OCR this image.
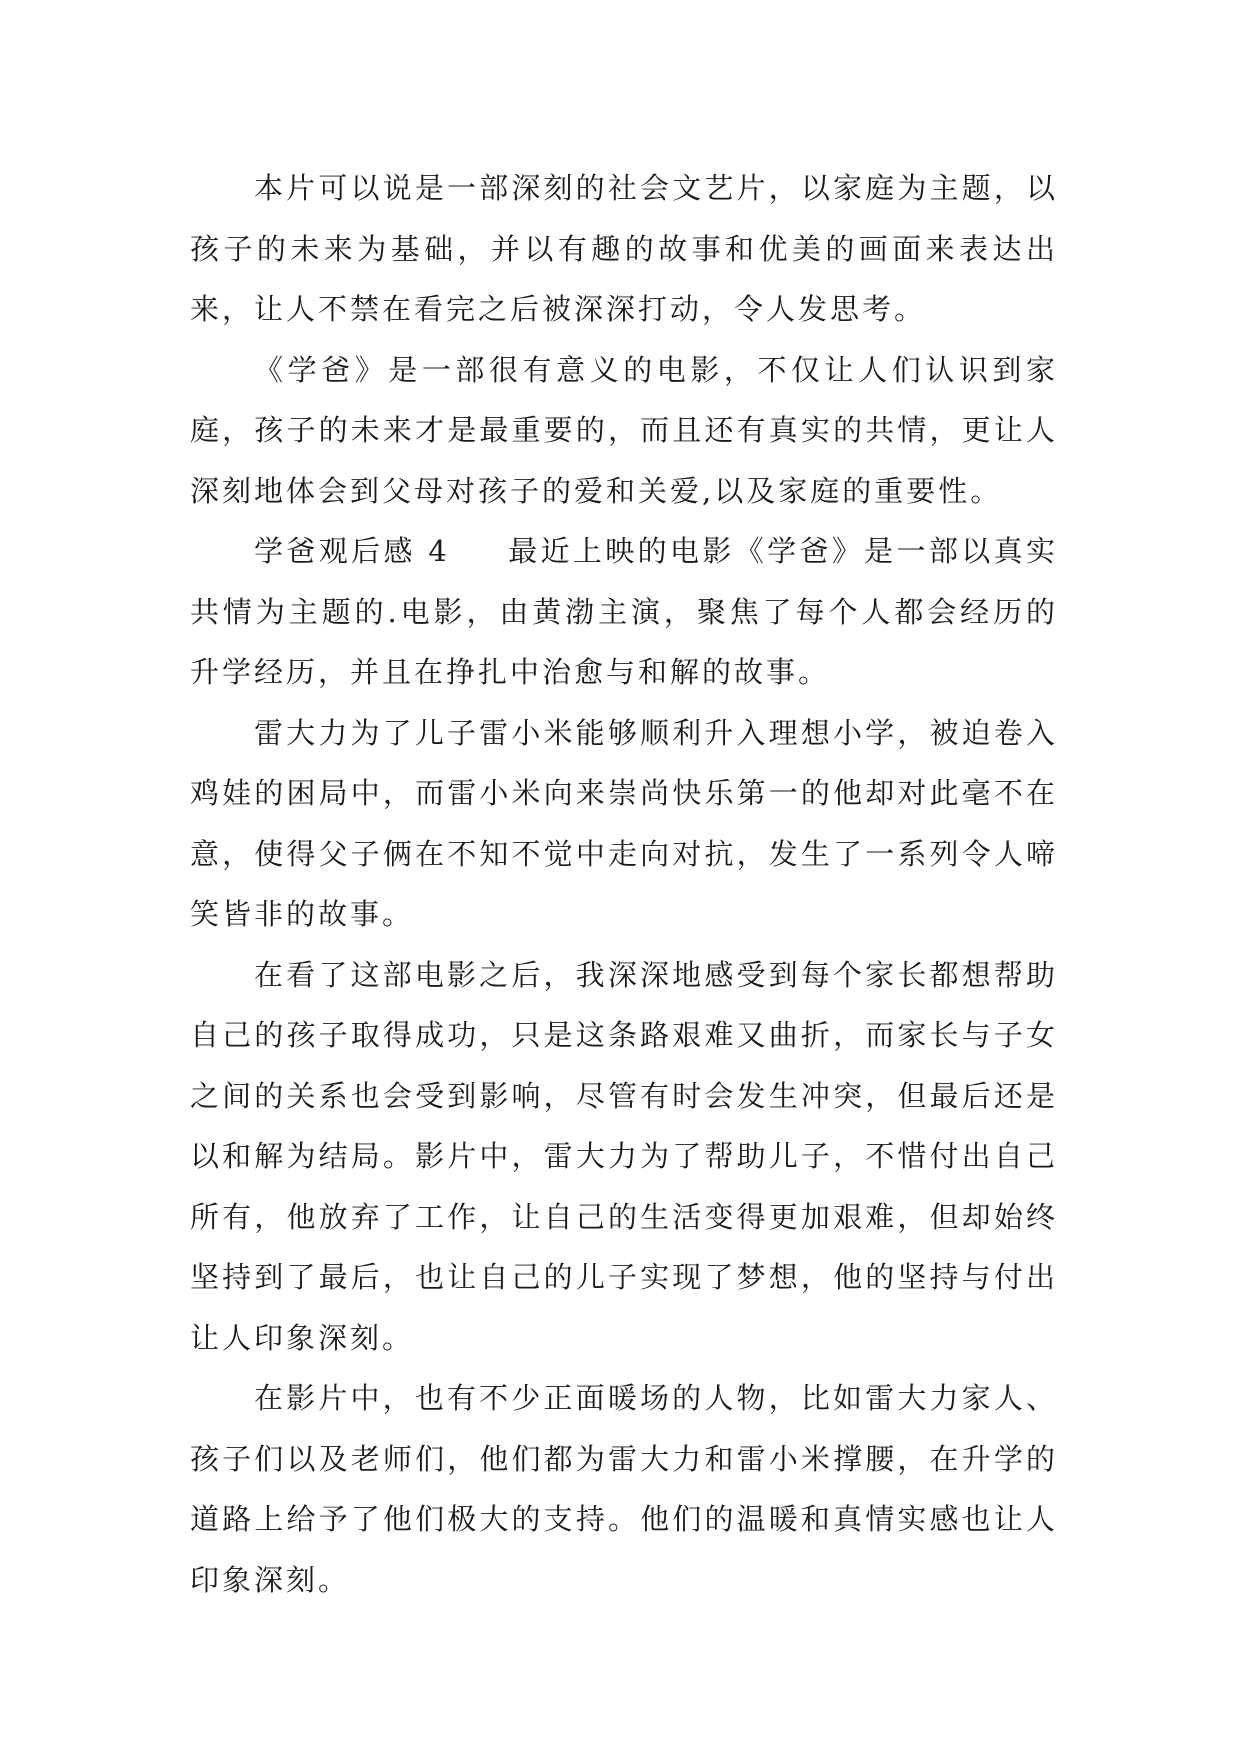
本片可以说是一部深刻的社会文艺片，以家庭为主题，以孩子的未来为基础，并以有趣的故事和优美的画面来表达出来，让人不禁在看完之后被深深打动，令人发思考。

《学爸》是一部很有意义的电影，不仅让人们认识到家庭，孩子的未来才是最重要的，而且还有真实的共情，更让人深刻地体会到父母对孩子的爱和关爱,以及家庭的重要性。

学爸观后感 4 最近上映的电影《学爸》是一部以真实共情为主题的.电影，由黄渤主演，聚焦了每个人都会经历的升学经历，并且在挣扎中治愈与和解的故事。

雷大力为了儿子雷小米能够顺利升入理想小学，被迫卷入鸡娃的困局中，而雷小米向来崇尚快乐第一的他却对此毫不在意，使得父子俩在不知不觉中走向对抗，发生了一系列令人啼笑皆非的故事。

在看了这部电影之后，我深深地感受到每个家长都想帮助自己的孩子取得成功，只是这条路艰难又曲折，而家长与子女之间的关系也会受到影响，尽管有时会发生冲突，但最后还是以和解为结局。影片中，雷大力为了帮助儿子，不惜付出自己所有，他放弃了工作，让自己的生活变得更加艰难，但却始终坚持到了最后，也让自己的儿子实现了梦想，他的坚持与付出让人印象深刻。

在影片中，也有不少正面暖场的人物，比如雷大力家人、孩子们以及老师们，他们都为雷大力和雷小米撑腰，在升学的道路上给予了他们极大的支持。他们的温暖和真情实感也让人印象深刻。
